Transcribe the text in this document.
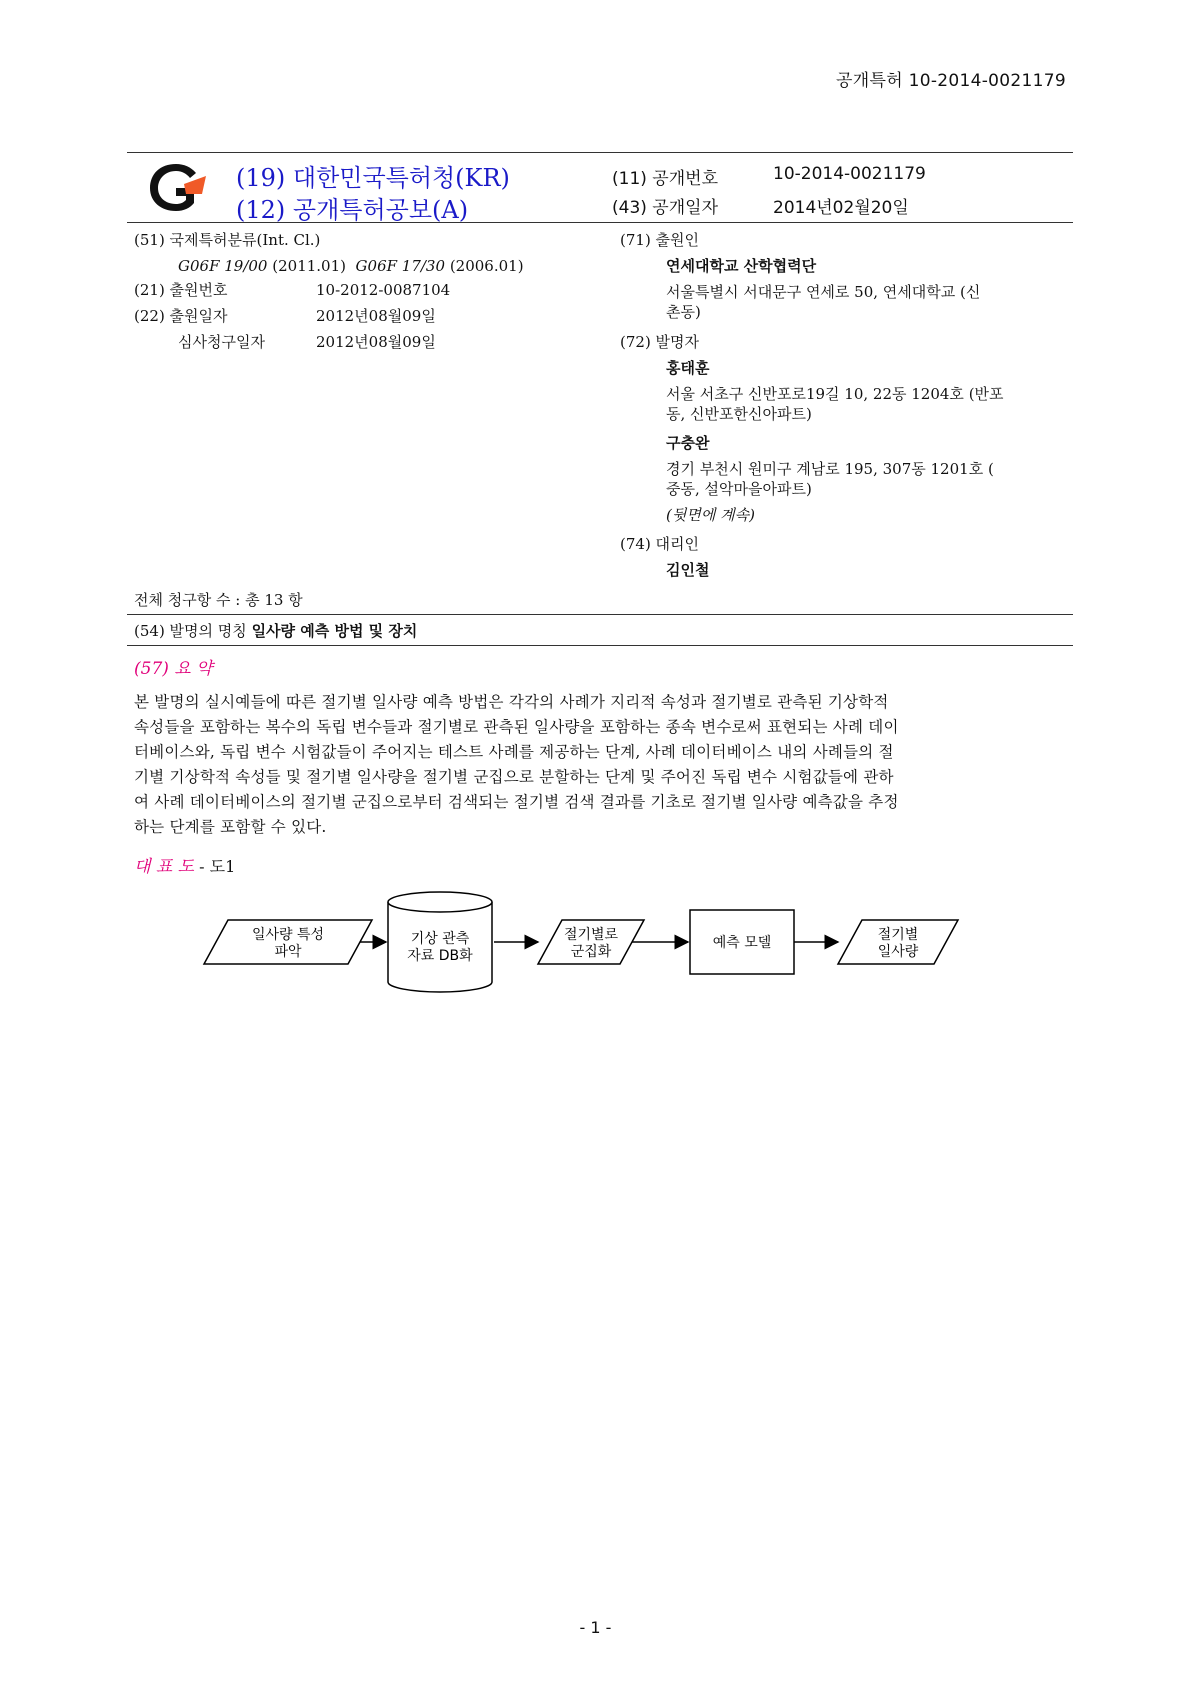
공개특허 10-2014-0021179
(19) 대한민국특허청(KR)
(12) 공개특허공보(A)
(11) 공개번호	10-2014-0021179
(43) 공개일자	2014년02월20일
(51) 국제특허분류(Int. Cl.)
G06F 19/00 (2011.01) G06F 17/30 (2006.01)
(21) 출원번호	10-2012-0087104
(22) 출원일자	2012년08월09일
심사청구일자	2012년08월09일
(71) 출원인
연세대학교 산학협력단
서울특별시 서대문구 연세로 50, 연세대학교 (신
촌동)
(72) 발명자
홍태훈
서울 서초구 신반포로19길 10, 22동 1204호 (반포
동, 신반포한신아파트)
구충완
경기 부천시 원미구 계남로 195, 307동 1201호 (
중동, 설악마을아파트)
(뒷면에 계속)
(74) 대리인
김인철
전체 청구항 수 : 총 13 항
(54) 발명의 명칭 일사량 예측 방법 및 장치
(57) 요 약
본 발명의 실시예들에 따른 절기별 일사량 예측 방법은 각각의 사례가 지리적 속성과 절기별로 관측된 기상학적
속성들을 포함하는 복수의 독립 변수들과 절기별로 관측된 일사량을 포함하는 종속 변수로써 표현되는 사례 데이
터베이스와, 독립 변수 시험값들이 주어지는 테스트 사례를 제공하는 단계, 사례 데이터베이스 내의 사례들의 절
기별 기상학적 속성들 및 절기별 일사량을 절기별 군집으로 분할하는 단계 및 주어진 독립 변수 시험값들에 관하
여 사례 데이터베이스의 절기별 군집으로부터 검색되는 절기별 검색 결과를 기초로 절기별 일사량 예측값을 추정
하는 단계를 포함할 수 있다.
대 표 도 - 도1
일사량 특성
파악
기상 관측
자료 DB화
절기별로
군집화
예측 모델	절기별
일사량
- 1 -
